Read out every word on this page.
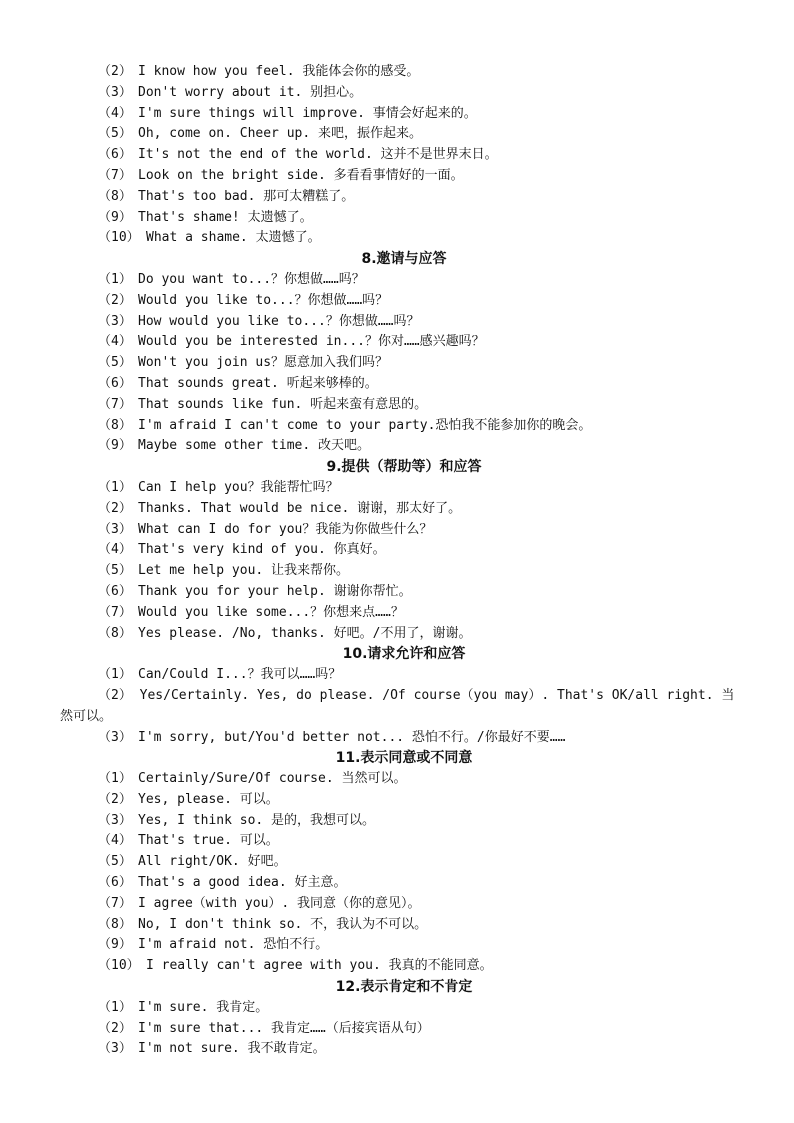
（2） I know how you feel. 我能体会你的感受。
（3） Don't worry about it. 别担心。
（4） I'm sure things will improve. 事情会好起来的。
（5） Oh, come on. Cheer up. 来吧，振作起来。
（6） It's not the end of the world. 这并不是世界末日。
（7） Look on the bright side. 多看看事情好的一面。
（8） That's too bad. 那可太糟糕了。
（9） That's shame! 太遗憾了。
（10） What a shame. 太遗憾了。
8.邀请与应答
（1） Do you want to...？你想做……吗？
（2） Would you like to...？你想做……吗？
（3） How would you like to...？你想做……吗？
（4） Would you be interested in...？你对……感兴趣吗？
（5） Won't you join us？愿意加入我们吗？
（6） That sounds great. 听起来够棒的。
（7） That sounds like fun. 听起来蛮有意思的。
（8） I'm afraid I can't come to your party.恐怕我不能参加你的晚会。
（9） Maybe some other time. 改天吧。
9.提供（帮助等）和应答
（1） Can I help you？我能帮忙吗？
（2） Thanks. That would be nice. 谢谢，那太好了。
（3） What can I do for you？我能为你做些什么？
（4） That's very kind of you. 你真好。
（5） Let me help you. 让我来帮你。
（6） Thank you for your help. 谢谢你帮忙。
（7） Would you like some...？你想来点……？
（8） Yes please. /No, thanks. 好吧。/不用了，谢谢。
10.请求允许和应答
（1） Can/Could I...？我可以……吗？
（2） Yes/Certainly. Yes, do please. /Of course（you may）. That's OK/all right. 当然可以。
（3） I'm sorry, but/You'd better not... 恐怕不行。/你最好不要……
11.表示同意或不同意
（1） Certainly/Sure/Of course. 当然可以。
（2） Yes, please. 可以。
（3） Yes, I think so. 是的，我想可以。
（4） That's true. 可以。
（5） All right/OK. 好吧。
（6） That's a good idea. 好主意。
（7） I agree（with you）. 我同意（你的意见）。
（8） No, I don't think so. 不，我认为不可以。
（9） I'm afraid not. 恐怕不行。
（10） I really can't agree with you. 我真的不能同意。
12.表示肯定和不肯定
（1） I'm sure. 我肯定。
（2） I'm sure that... 我肯定……（后接宾语从句）
（3） I'm not sure. 我不敢肯定。
